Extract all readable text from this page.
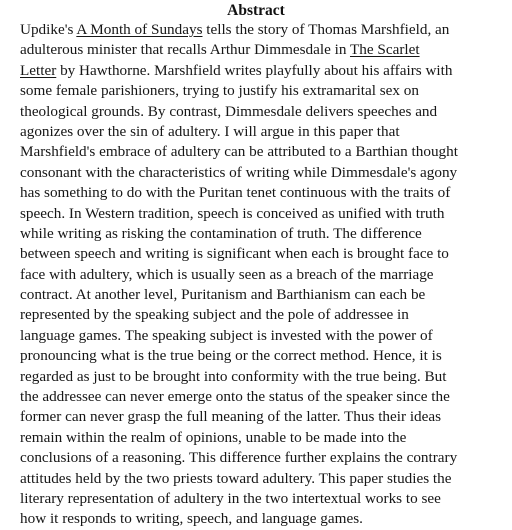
Abstract
Updike's A Month of Sundays tells the story of Thomas Marshfield, an
adulterous minister that recalls Arthur Dimmesdale in The Scarlet
Letter by Hawthorne. Marshfield writes playfully about his affairs with
some female parishioners, trying to justify his extramarital sex on
theological grounds. By contrast, Dimmesdale delivers speeches and
agonizes over the sin of adultery. I will argue in this paper that
Marshfield's embrace of adultery can be attributed to a Barthian thought
consonant with the characteristics of writing while Dimmesdale's agony
has something to do with the Puritan tenet continuous with the traits of
speech. In Western tradition, speech is conceived as unified with truth
while writing as risking the contamination of truth. The difference
between speech and writing is significant when each is brought face to
face with adultery, which is usually seen as a breach of the marriage
contract. At another level, Puritanism and Barthianism can each be
represented by the speaking subject and the pole of addressee in
language games. The speaking subject is invested with the power of
pronouncing what is the true being or the correct method. Hence, it is
regarded as just to be brought into conformity with the true being. But
the addressee can never emerge onto the status of the speaker since the
former can never grasp the full meaning of the latter. Thus their ideas
remain within the realm of opinions, unable to be made into the
conclusions of a reasoning. This difference further explains the contrary
attitudes held by the two priests toward adultery. This paper studies the
literary representation of adultery in the two intertextual works to see
how it responds to writing, speech, and language games.
